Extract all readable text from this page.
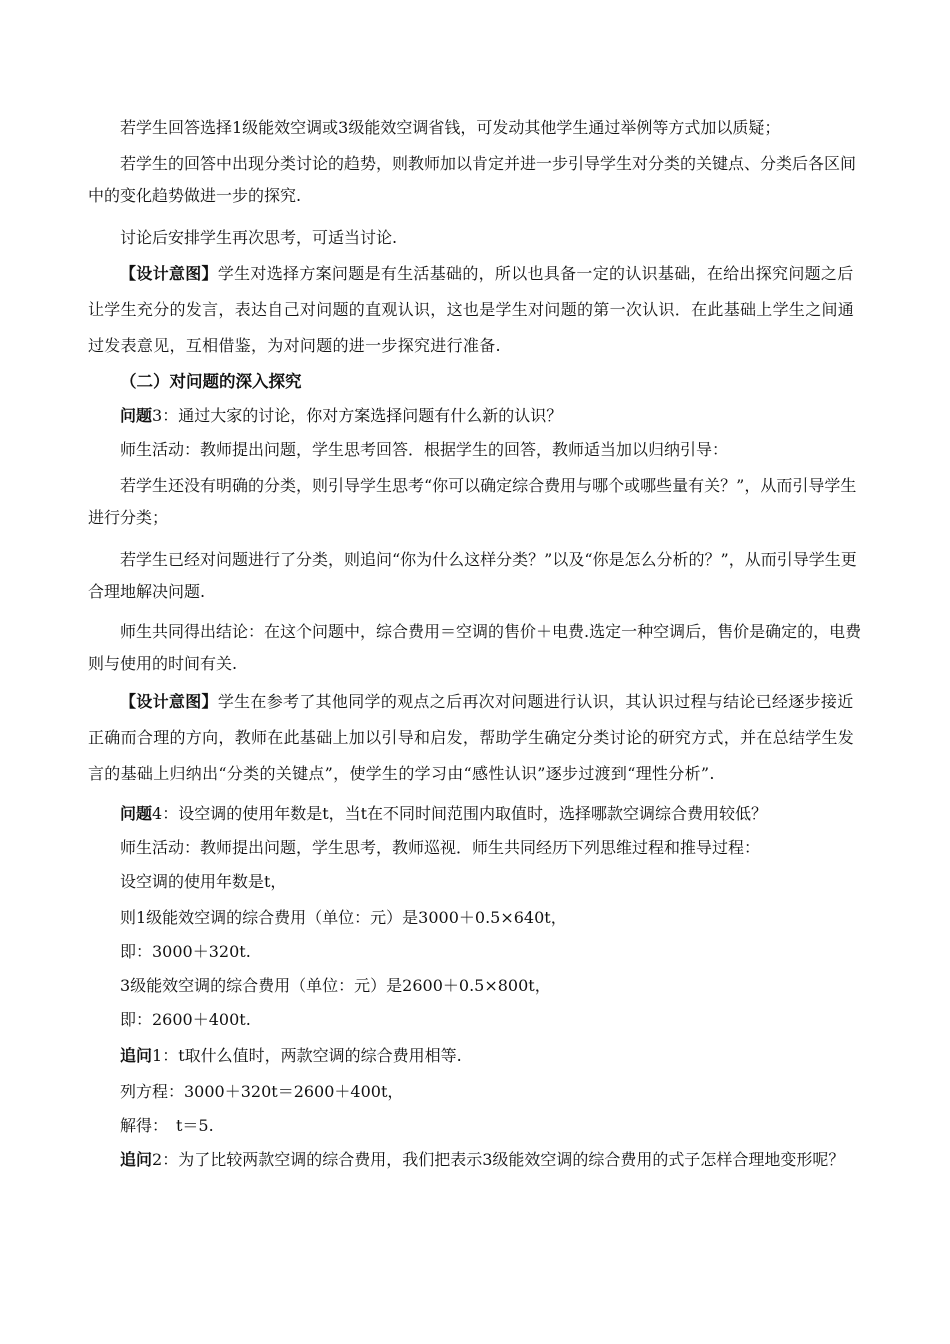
若学生回答选择1级能效空调或3级能效空调省钱，可发动其他学生通过举例等方式加以质疑；

若学生的回答中出现分类讨论的趋势，则教师加以肯定并进一步引导学生对分类的关键点、分类后各区间中的变化趋势做进一步的探究.

讨论后安排学生再次思考，可适当讨论.

【设计意图】学生对选择方案问题是有生活基础的，所以也具备一定的认识基础，在给出探究问题之后让学生充分的发言，表达自己对问题的直观认识，这也是学生对问题的第一次认识．在此基础上学生之间通过发表意见，互相借鉴，为对问题的进一步探究进行准备.

（二）对问题的深入探究

问题3：通过大家的讨论，你对方案选择问题有什么新的认识？

师生活动：教师提出问题，学生思考回答．根据学生的回答，教师适当加以归纳引导：

若学生还没有明确的分类，则引导学生思考“你可以确定综合费用与哪个或哪些量有关？”，从而引导学生进行分类；

若学生已经对问题进行了分类，则追问“你为什么这样分类？”以及“你是怎么分析的？”，从而引导学生更合理地解决问题.

师生共同得出结论：在这个问题中，综合费用＝空调的售价＋电费.选定一种空调后，售价是确定的，电费则与使用的时间有关.

【设计意图】学生在参考了其他同学的观点之后再次对问题进行认识，其认识过程与结论已经逐步接近正确而合理的方向，教师在此基础上加以引导和启发，帮助学生确定分类讨论的研究方式，并在总结学生发言的基础上归纳出“分类的关键点”，使学生的学习由“感性认识”逐步过渡到“理性分析”.

问题4：设空调的使用年数是t，当t在不同时间范围内取值时，选择哪款空调综合费用较低？

师生活动：教师提出问题，学生思考，教师巡视．师生共同经历下列思维过程和推导过程：

设空调的使用年数是t，

则1级能效空调的综合费用（单位：元）是3000＋0.5×640t，

即：3000＋320t.

3级能效空调的综合费用（单位：元）是2600＋0.5×800t，

即：2600＋400t.

追问1：t取什么值时，两款空调的综合费用相等.

列方程：3000＋320t＝2600＋400t，

解得：　t＝5.

追问2：为了比较两款空调的综合费用，我们把表示3级能效空调的综合费用的式子怎样合理地变形呢？
